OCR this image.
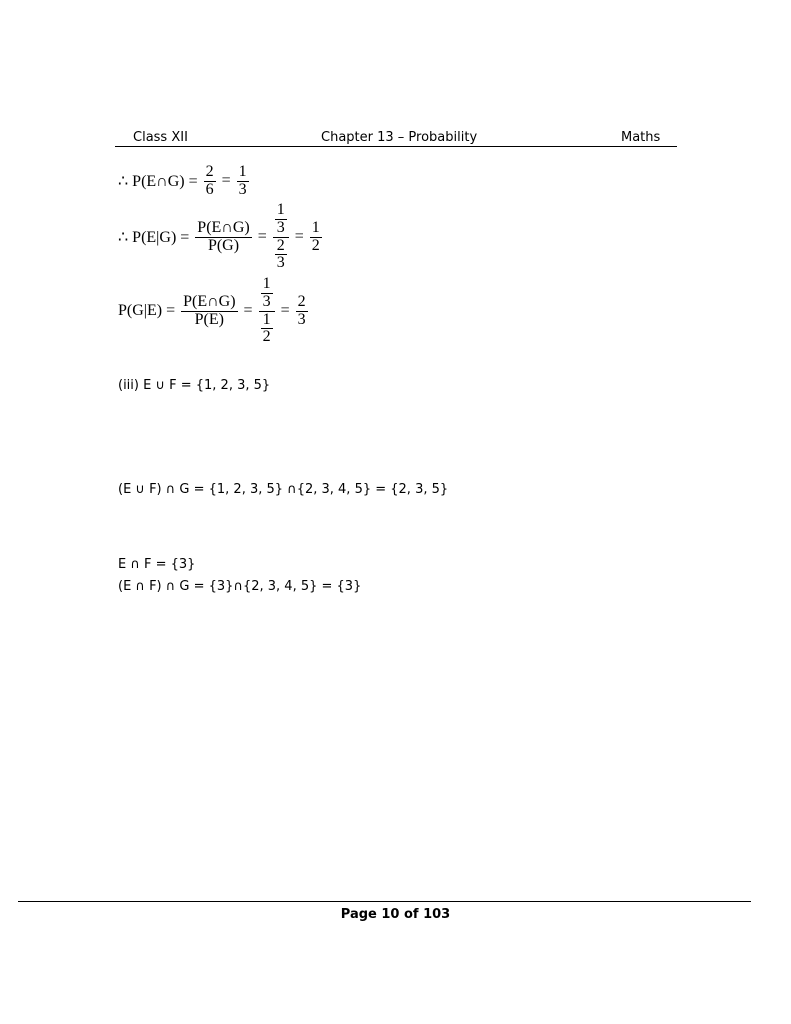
Class XII	Chapter 13 – Probability	Maths
∴ P(E∩G) = $\frac{2}{6} = \frac{1}{3}$
∴ $P(E|G) = \frac{P(E\cap G)}{P(G)} = \frac{\frac{1}{3}}{\frac{2}{3}} = \frac{1}{2}$
$P(G|E) = \frac{P(E\cap G)}{P(E)} = \frac{\frac{1}{3}}{\frac{1}{2}} = \frac{2}{3}$
(iii) E ∪ F = {1, 2, 3, 5}
(E ∪ F) ∩ G = {1, 2, 3, 5} ∩{2, 3, 4, 5} = {2, 3, 5}
E ∩ F = {3}
(E ∩ F) ∩ G = {3}∩{2, 3, 4, 5} = {3}
Page 10 of 103
